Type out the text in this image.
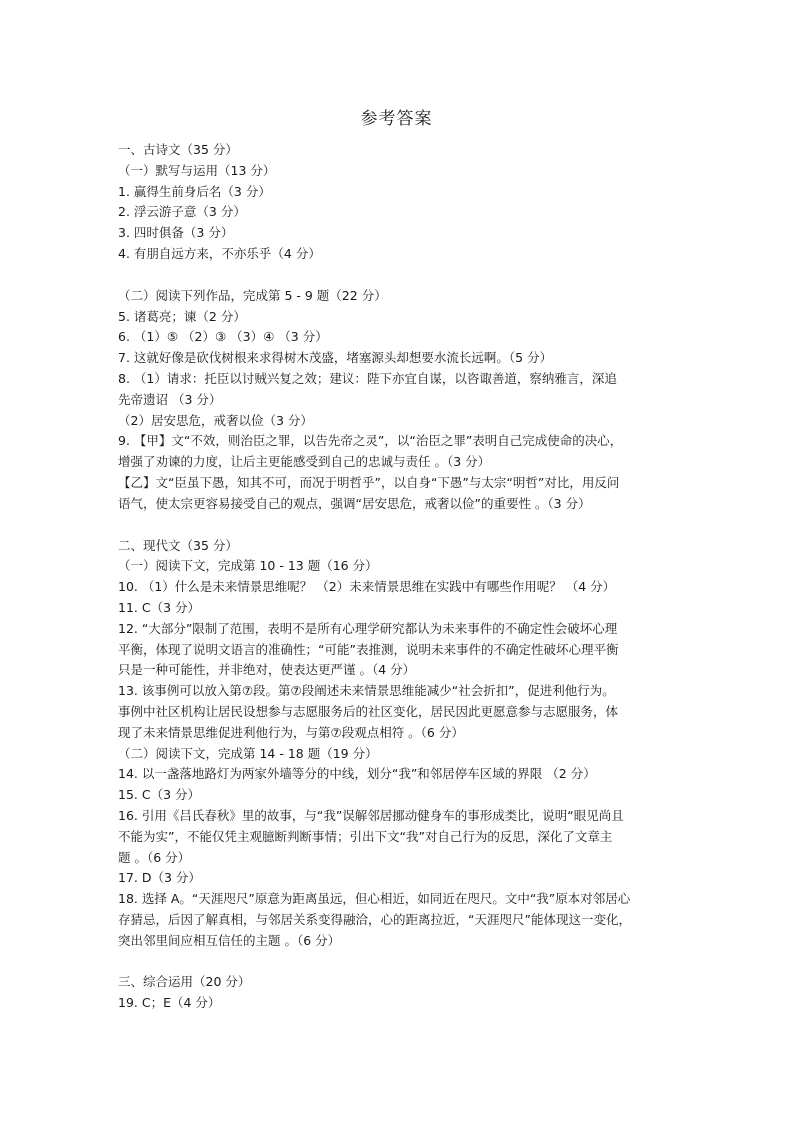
参考答案
一、古诗文（35 分）
（一）默写与运用（13 分）
1. 赢得生前身后名（3 分）
2. 浮云游子意（3 分）
3. 四时俱备（3 分）
4. 有朋自远方来，不亦乐乎（4 分）
（二）阅读下列作品，完成第 5 - 9 题（22 分）
5. 诸葛亮；谏（2 分）
6. （1）⑤ （2）③ （3）④ （3 分）
7. 这就好像是砍伐树根来求得树木茂盛，堵塞源头却想要水流长远啊。（5 分）
8. （1）请求：托臣以讨贼兴复之效；建议：陛下亦宜自谋，以咨诹善道，察纳雅言，深追
先帝遗诏 （3 分）
（2）居安思危，戒奢以俭（3 分）
9. 【甲】文“不效，则治臣之罪，以告先帝之灵”，以“治臣之罪”表明自己完成使命的决心，
增强了劝谏的力度，让后主更能感受到自己的忠诚与责任 。（3 分）
【乙】文“臣虽下愚，知其不可，而况于明哲乎”，以自身“下愚”与太宗“明哲”对比，用反问
语气，使太宗更容易接受自己的观点，强调“居安思危，戒奢以俭”的重要性 。（3 分）
二、现代文（35 分）
（一）阅读下文，完成第 10 - 13 题（16 分）
10. （1）什么是未来情景思维呢？ （2）未来情景思维在实践中有哪些作用呢？ （4 分）
11. C（3 分）
12. “大部分”限制了范围，表明不是所有心理学研究都认为未来事件的不确定性会破坏心理
平衡，体现了说明文语言的准确性；“可能”表推测，说明未来事件的不确定性破坏心理平衡
只是一种可能性，并非绝对，使表达更严谨 。（4 分）
13. 该事例可以放入第⑦段。第⑦段阐述未来情景思维能减少“社会折扣”，促进利他行为。
事例中社区机构让居民设想参与志愿服务后的社区变化，居民因此更愿意参与志愿服务，体
现了未来情景思维促进利他行为，与第⑦段观点相符 。（6 分）
（二）阅读下文，完成第 14 - 18 题（19 分）
14. 以一盏落地路灯为两家外墙等分的中线，划分“我”和邻居停车区域的界限 （2 分）
15. C（3 分）
16. 引用《吕氏春秋》里的故事，与“我”误解邻居挪动健身车的事形成类比，说明“眼见尚且
不能为实”，不能仅凭主观臆断判断事情；引出下文“我”对自己行为的反思，深化了文章主
题 。（6 分）
17. D（3 分）
18. 选择 A。“天涯咫尺”原意为距离虽远，但心相近，如同近在咫尺。文中“我”原本对邻居心
存猜忌，后因了解真相，与邻居关系变得融洽，心的距离拉近，“天涯咫尺”能体现这一变化，
突出邻里间应相互信任的主题 。（6 分）
三、综合运用（20 分）
19. C；E（4 分）
